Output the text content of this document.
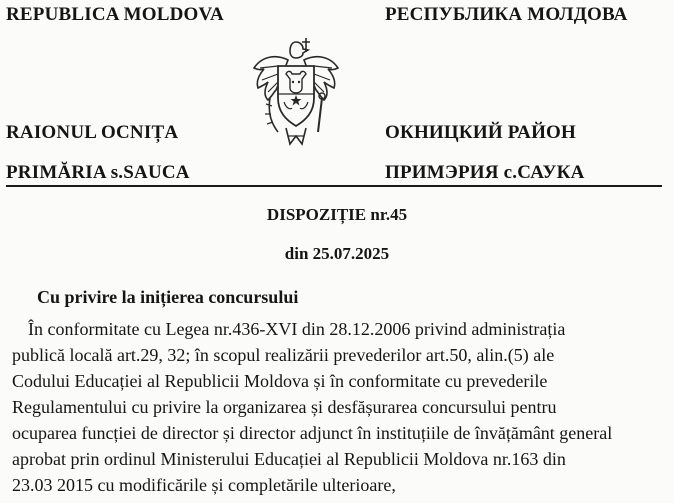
REPUBLICA MOLDOVA	РЕСПУБЛИКА МОЛДОВА
RAIONUL OCNIȚA	ОКНИЦКИЙ РАЙОН
PRIMĂRIA s.SAUCA	ПРИМЭРИЯ с.САУКА
DISPOZIȚIE nr.45
din 25.07.2025
Cu privire la inițierea concursului

În conformitate cu Legea nr.436-XVI din 28.12.2006 privind administrația

publică locală art.29, 32; în scopul realizării prevederilor art.50, alin.(5) ale

Codului Educației al Republicii Moldova și în conformitate cu prevederile

Regulamentului cu privire la organizarea și desfășurarea concursului pentru

ocuparea funcției de director și director adjunct în instituțiile de învățământ general

aprobat prin ordinul Ministerului Educației al Republicii Moldova nr.163 din

23.03 2015 cu modificările și completările ulterioare,
